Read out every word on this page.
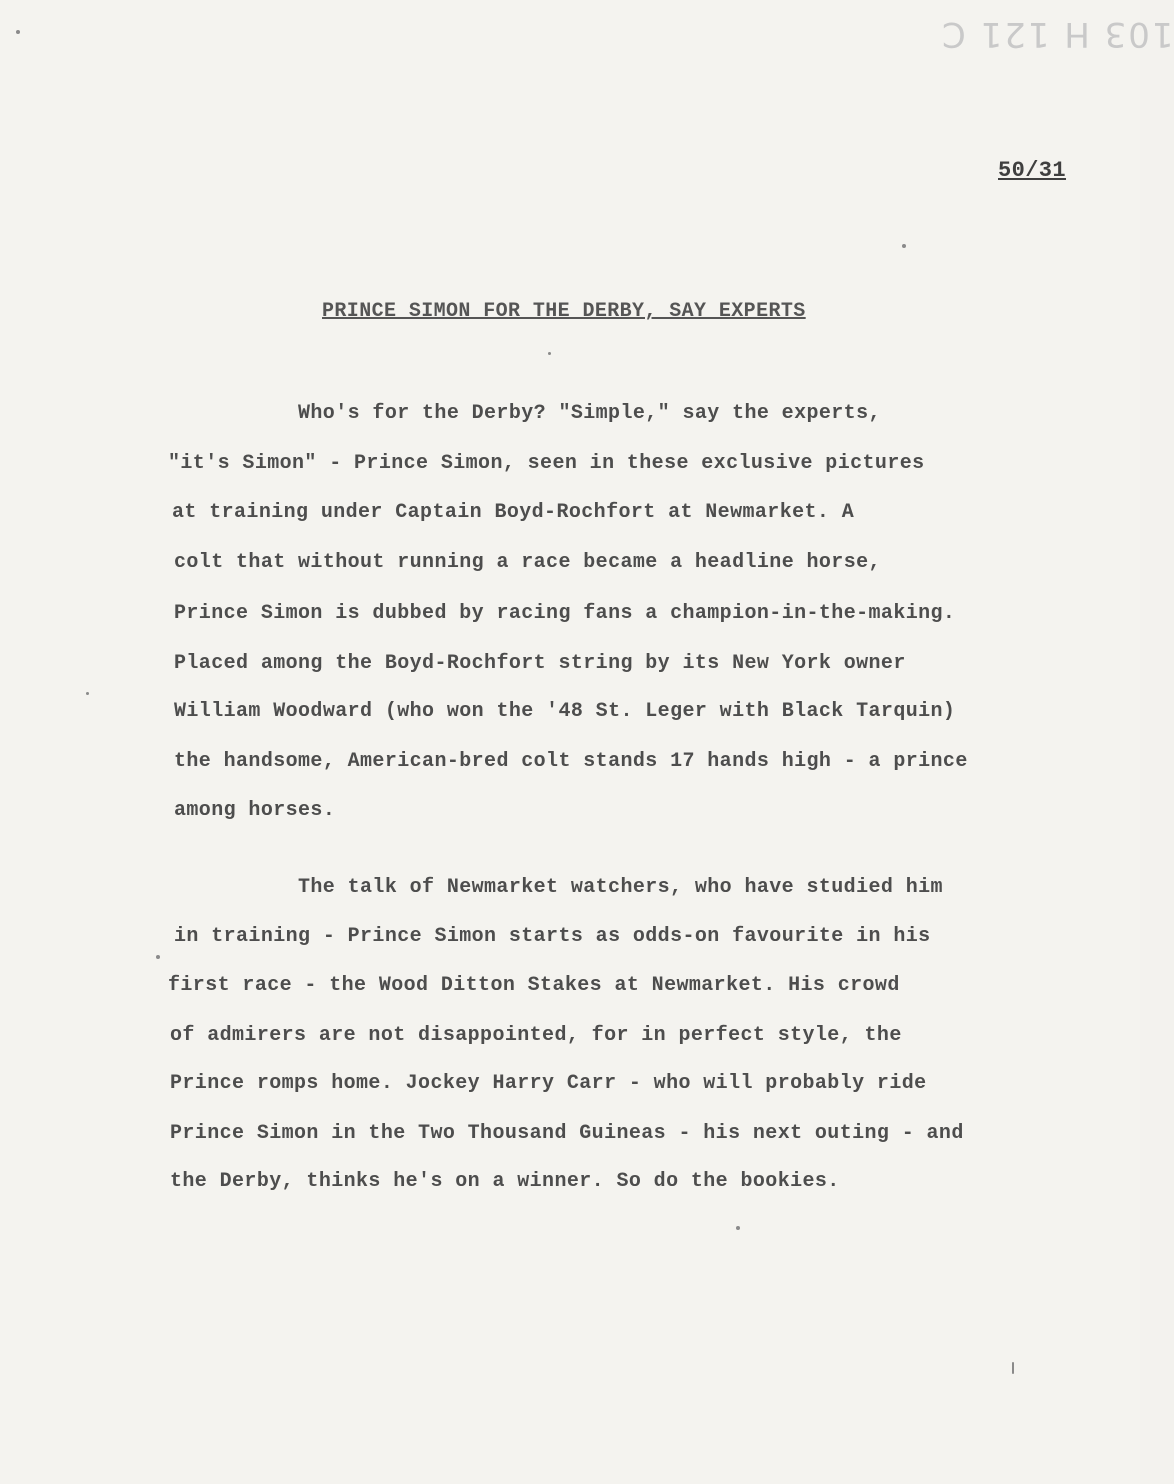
103 H 121 C
50/31
PRINCE SIMON FOR THE DERBY, SAY EXPERTS
Who's for the Derby? "Simple," say the experts,
"it's Simon" - Prince Simon, seen in these exclusive pictures
at training under Captain Boyd-Rochfort at Newmarket. A
colt that without running a race became a headline horse,
Prince Simon is dubbed by racing fans a champion-in-the-making.
Placed among the Boyd-Rochfort string by its New York owner
William Woodward (who won the '48 St. Leger with Black Tarquin)
the handsome, American-bred colt stands 17 hands high - a prince
among horses.
The talk of Newmarket watchers, who have studied him
in training - Prince Simon starts as odds-on favourite in his
first race - the Wood Ditton Stakes at Newmarket. His crowd
of admirers are not disappointed, for in perfect style, the
Prince romps home. Jockey Harry Carr - who will probably ride
Prince Simon in the Two Thousand Guineas - his next outing - and
the Derby, thinks he's on a winner. So do the bookies.
